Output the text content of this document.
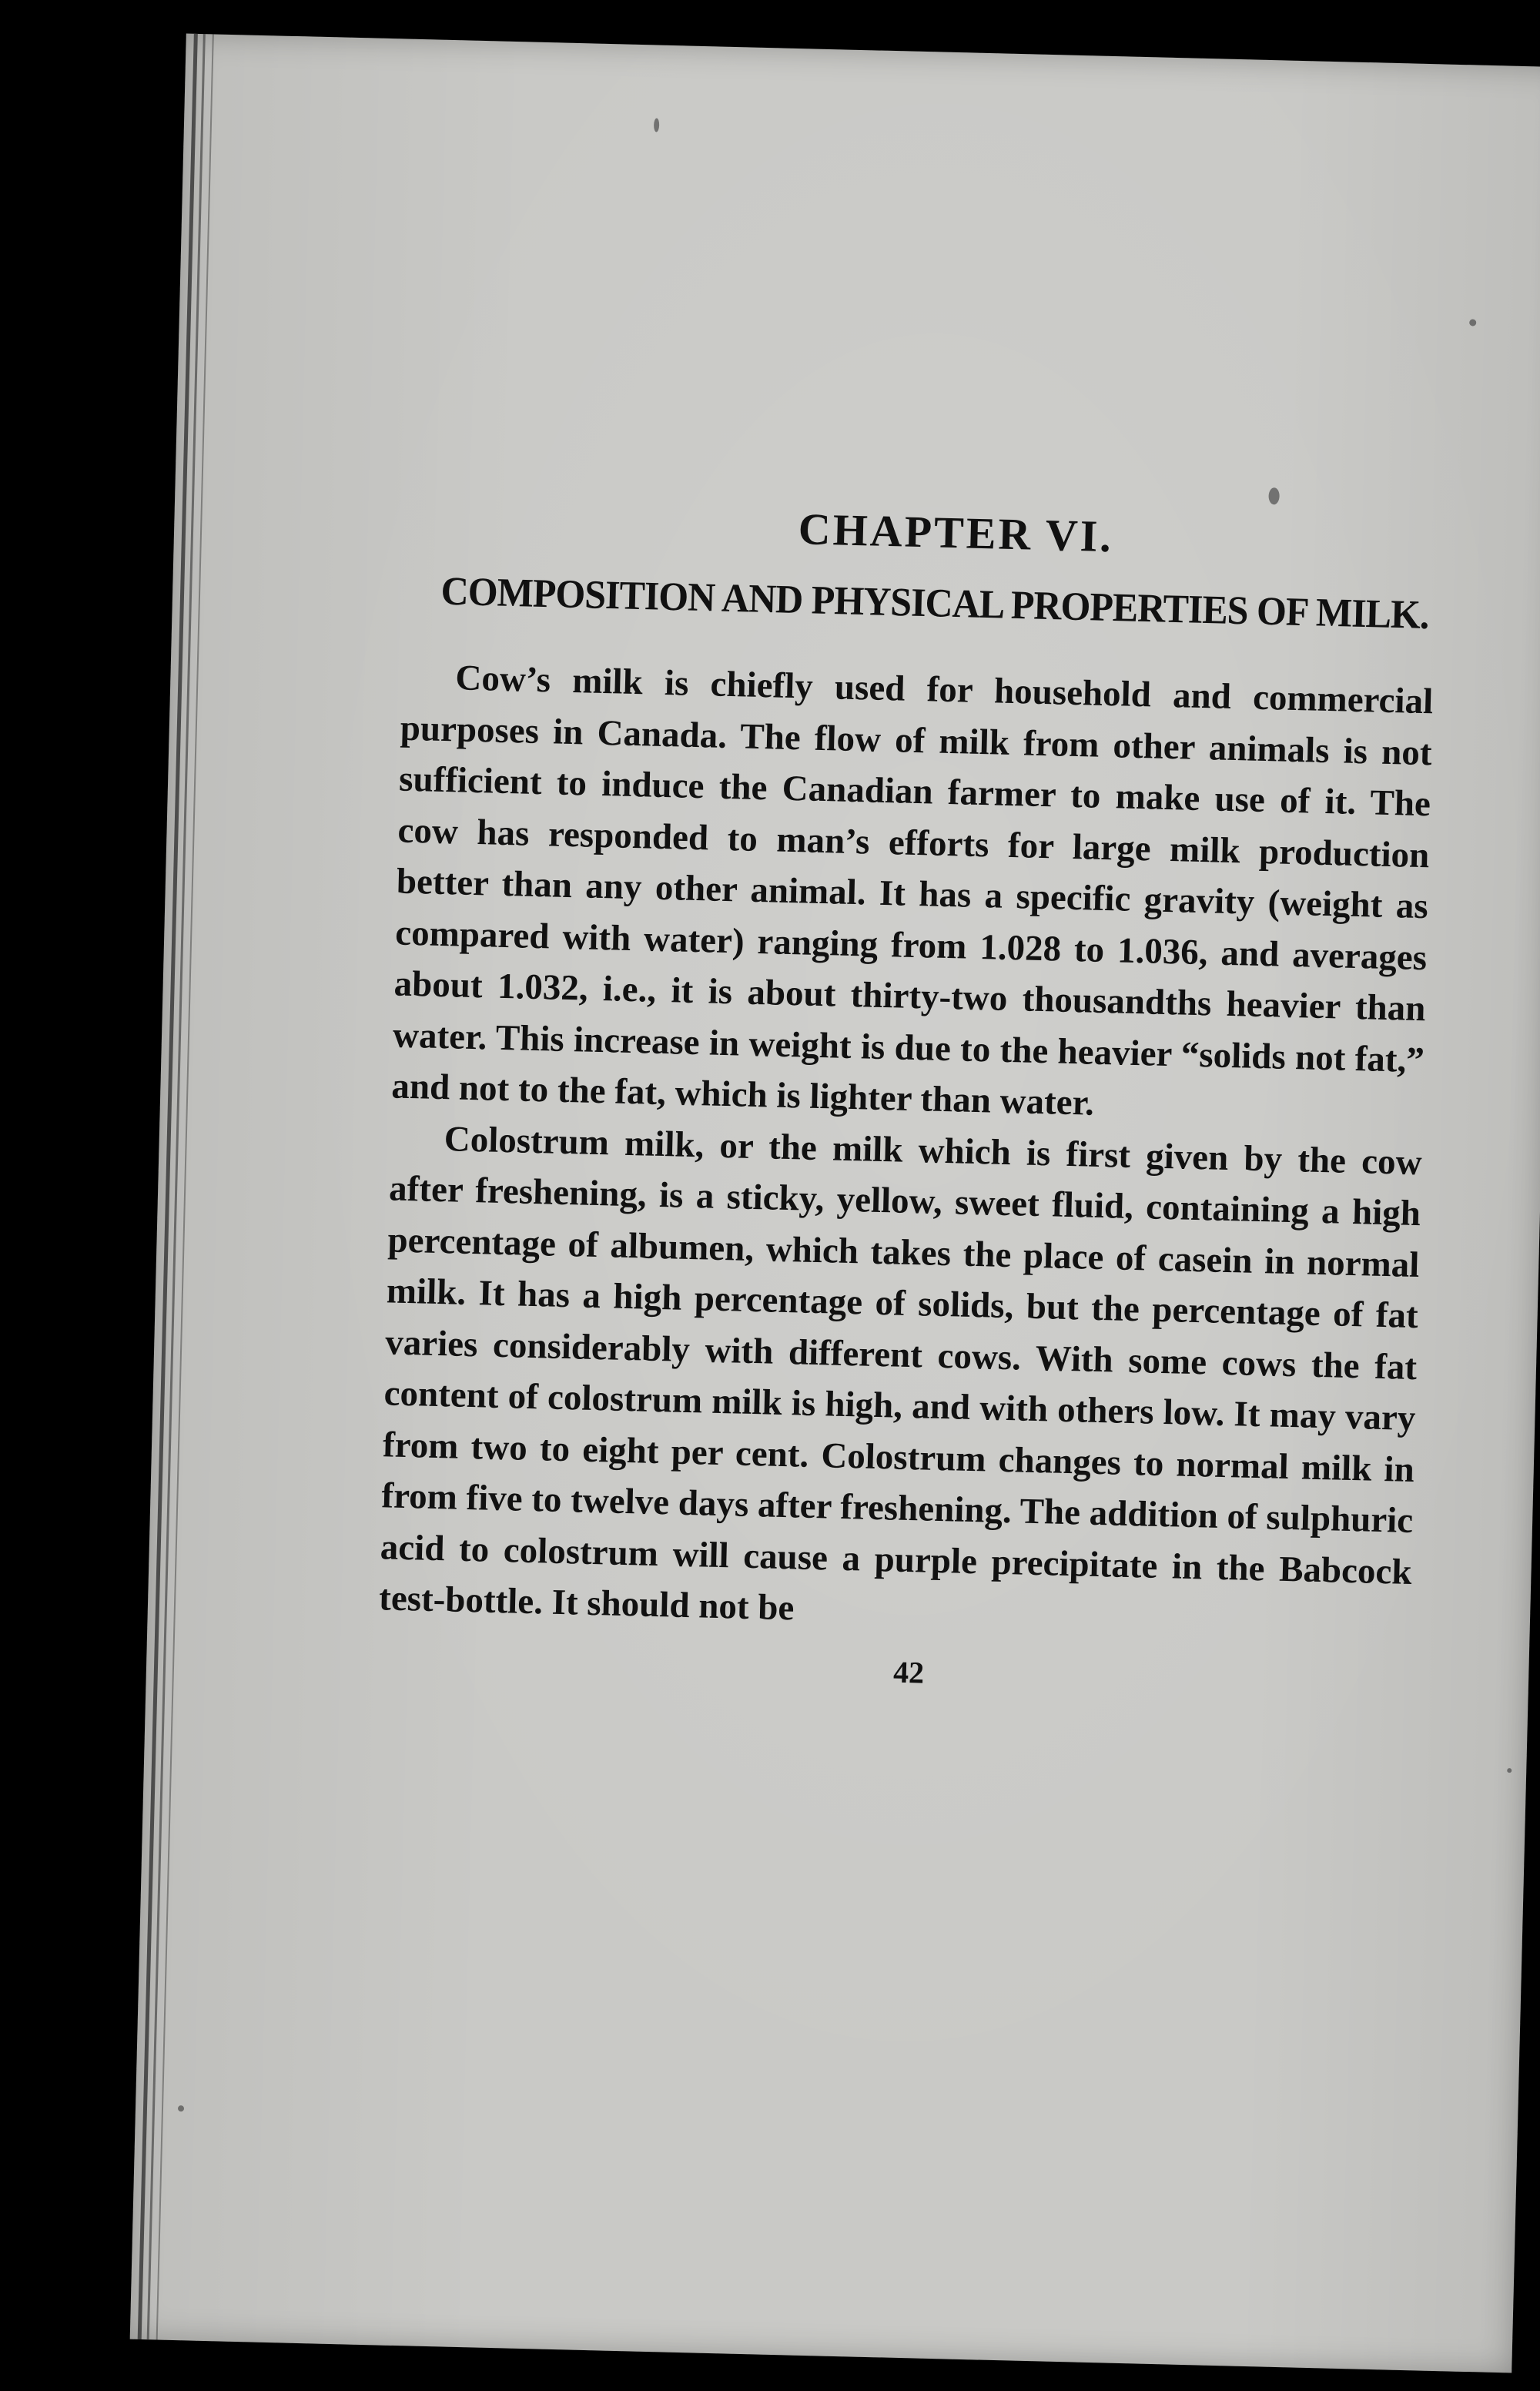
CHAPTER VI.
COMPOSITION AND PHYSICAL PROPERTIES OF MILK.

Cow’s milk is chiefly used for household and commercial purposes in Canada. The flow of milk from other animals is not sufficient to induce the Canadian farmer to make use of it. The cow has responded to man’s efforts for large milk production better than any other animal. It has a specific gravity (weight as compared with water) ranging from 1.028 to 1.036, and averages about 1.032, i.e., it is about thirty-two thousandths heavier than water. This increase in weight is due to the heavier “solids not fat,” and not to the fat, which is lighter than water.

Colostrum milk, or the milk which is first given by the cow after freshening, is a sticky, yellow, sweet fluid, containing a high percentage of albumen, which takes the place of casein in normal milk. It has a high percentage of solids, but the percentage of fat varies considerably with different cows. With some cows the fat content of colostrum milk is high, and with others low. It may vary from two to eight per cent. Colostrum changes to normal milk in from five to twelve days after freshening. The addition of sulphuric acid to colostrum will cause a purple precipitate in the Babcock test-bottle. It should not be

42
